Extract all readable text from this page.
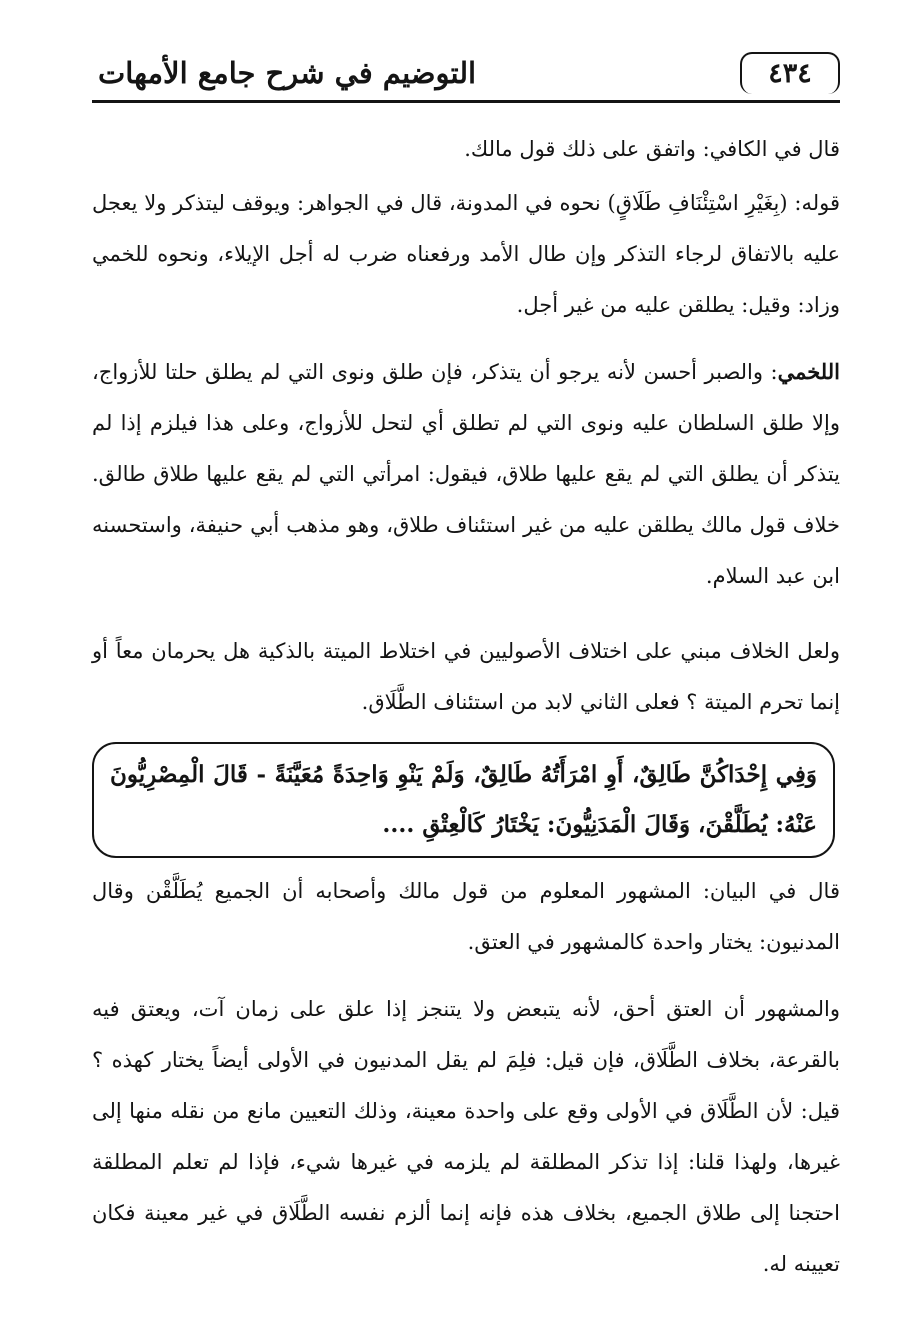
٤٣٤
التوضيم في شرح جامع الأمهات

قال في الكافي: واتفق على ذلك قول مالك.

قوله: (بِغَيْرِ اسْتِئْنَافِ طَلَاقٍ) نحوه في المدونة، قال في الجواهر: ويوقف ليتذكر ولا يعجل عليه بالاتفاق لرجاء التذكر وإن طال الأمد ورفعناه ضرب له أجل الإيلاء، ونحوه للخمي وزاد: وقيل: يطلقن عليه من غير أجل.

اللخمي: والصبر أحسن لأنه يرجو أن يتذكر، فإن طلق ونوى التي لم يطلق حلتا للأزواج، وإلا طلق السلطان عليه ونوى التي لم تطلق أي لتحل للأزواج، وعلى هذا فيلزم إذا لم يتذكر أن يطلق التي لم يقع عليها طلاق، فيقول: امرأتي التي لم يقع عليها طلاق طالق. خلاف قول مالك يطلقن عليه من غير استئناف طلاق، وهو مذهب أبي حنيفة، واستحسنه ابن عبد السلام.

ولعل الخلاف مبني على اختلاف الأصوليين في اختلاط الميتة بالذكية هل يحرمان معاً أو إنما تحرم الميتة ؟ فعلى الثاني لابد من استئناف الطَّلَاق.

وَفِي إِحْدَاكُنَّ طَالِقٌ، أَوِ امْرَأَتُهُ طَالِقٌ، وَلَمْ يَنْوِ وَاحِدَةً مُعَيَّنَةً - قَالَ الْمِصْرِيُّونَ عَنْهُ: يُطَلَّقْنَ، وَقَالَ الْمَدَنِيُّونَ: يَخْتَارُ كَالْعِتْقِ ....

قال في البيان: المشهور المعلوم من قول مالك وأصحابه أن الجميع يُطَلَّقْن وقال المدنيون: يختار واحدة كالمشهور في العتق.

والمشهور أن العتق أحق، لأنه يتبعض ولا يتنجز إذا علق على زمان آت، ويعتق فيه بالقرعة، بخلاف الطَّلَاق، فإن قيل: فلِمَ لم يقل المدنيون في الأولى أيضاً يختار كهذه ؟ قيل: لأن الطَّلَاق في الأولى وقع على واحدة معينة، وذلك التعيين مانع من نقله منها إلى غيرها، ولهذا قلنا: إذا تذكر المطلقة لم يلزمه في غيرها شيء، فإذا لم تعلم المطلقة احتجنا إلى طلاق الجميع، بخلاف هذه فإنه إنما ألزم نفسه الطَّلَاق في غير معينة فكان تعيينه له.
